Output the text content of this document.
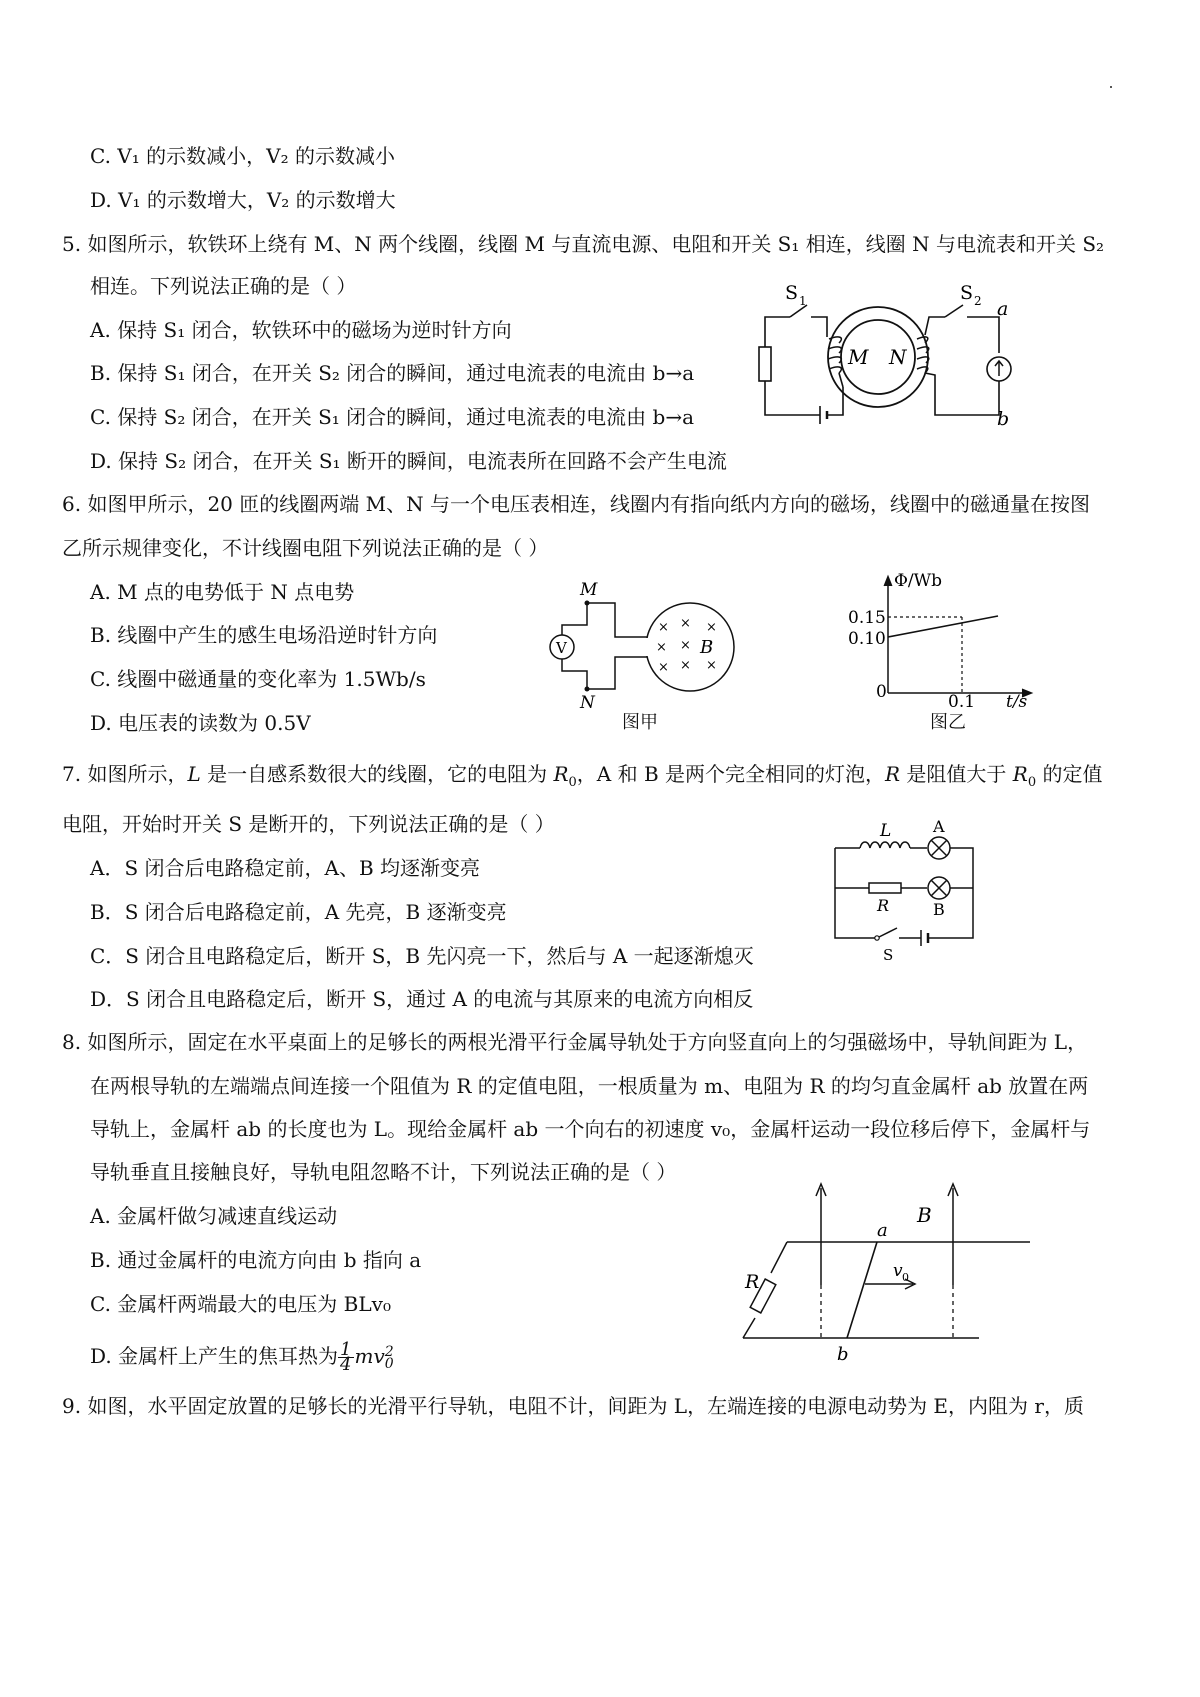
C. V₁ 的示数减小，V₂ 的示数减小
D. V₁ 的示数增大，V₂ 的示数增大
5. 如图所示，软铁环上绕有 M、N 两个线圈，线圈 M 与直流电源、电阻和开关 S₁ 相连，线圈 N 与电流表和开关 S₂
相连。下列说法正确的是（ ）
A. 保持 S₁ 闭合，软铁环中的磁场为逆时针方向
B. 保持 S₁ 闭合，在开关 S₂ 闭合的瞬间，通过电流表的电流由 b→a
C. 保持 S₂ 闭合，在开关 S₁ 闭合的瞬间，通过电流表的电流由 b→a
D. 保持 S₂ 闭合，在开关 S₁ 断开的瞬间，电流表所在回路不会产生电流
S 1
M N
S 2 a
b
6. 如图甲所示，20 匝的线圈两端 M、N 与一个电压表相连，线圈内有指向纸内方向的磁场，线圈中的磁通量在按图
乙所示规律变化，不计线圈电阻下列说法正确的是（ ）
A. M 点的电势低于 N 点电势
B. 线圈中产生的感生电场沿逆时针方向
C. 线圈中磁通量的变化率为 1.5Wb/s
D. 电压表的读数为 0.5V
M
V
N
× × ×
× ×
× × ×
B
图甲
Φ/Wb
0.15
0.10
0	0.1 t/s
图乙
7. 如图所示，L 是一自感系数很大的线圈，它的电阻为 $R_0$，A 和 B 是两个完全相同的灯泡，R 是阻值大于 $R_0$ 的定值
电阻，开始时开关 S 是断开的，下列说法正确的是（ ）
A．S 闭合后电路稳定前，A、B 均逐渐变亮
B．S 闭合后电路稳定前，A 先亮，B 逐渐变亮
C．S 闭合且电路稳定后，断开 S，B 先闪亮一下，然后与 A 一起逐渐熄灭
D．S 闭合且电路稳定后，断开 S，通过 A 的电流与其原来的电流方向相反
L	A
R	B
S
8. 如图所示，固定在水平桌面上的足够长的两根光滑平行金属导轨处于方向竖直向上的匀强磁场中，导轨间距为 L，
在两根导轨的左端端点间连接一个阻值为 R 的定值电阻，一根质量为 m、电阻为 R 的均匀直金属杆 ab 放置在两
导轨上，金属杆 ab 的长度也为 L。现给金属杆 ab 一个向右的初速度 v₀，金属杆运动一段位移后停下，金属杆与
导轨垂直且接触良好，导轨电阻忽略不计，下列说法正确的是（ ）
A. 金属杆做匀减速直线运动
B. 通过金属杆的电流方向由 b 指向 a
C. 金属杆两端最大的电压为 BLv₀
D. 金属杆上产生的焦耳热为 $\frac{1}{4}$ mv 2
0
R
B
a
b
v 0
9. 如图，水平固定放置的足够长的光滑平行导轨，电阻不计，间距为 L，左端连接的电源电动势为 E，内阻为 r，质
